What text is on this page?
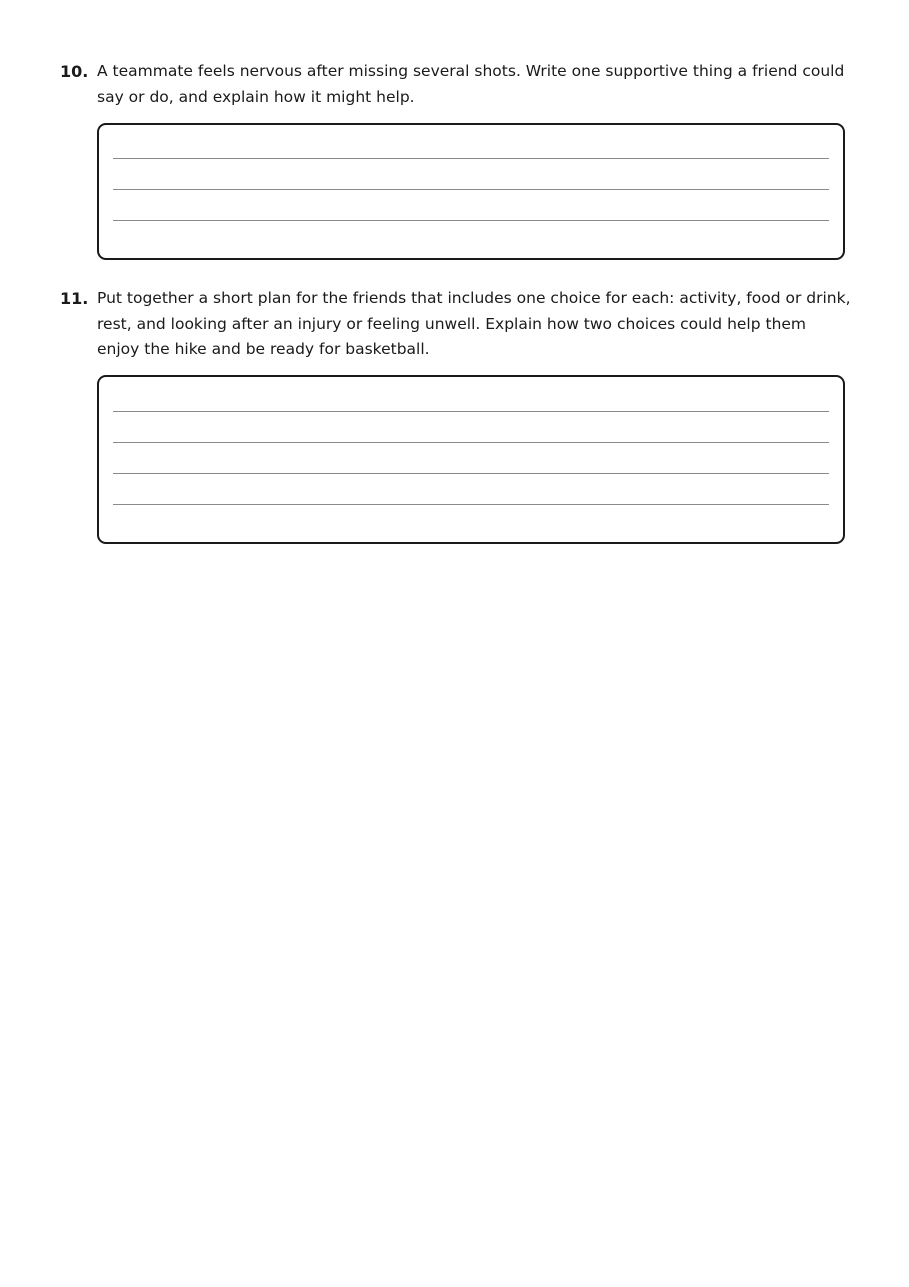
10. A teammate feels nervous after missing several shots. Write one supportive thing a friend could say or do, and explain how it might help.
11. Put together a short plan for the friends that includes one choice for each: activity, food or drink, rest, and looking after an injury or feeling unwell. Explain how two choices could help them enjoy the hike and be ready for basketball.
